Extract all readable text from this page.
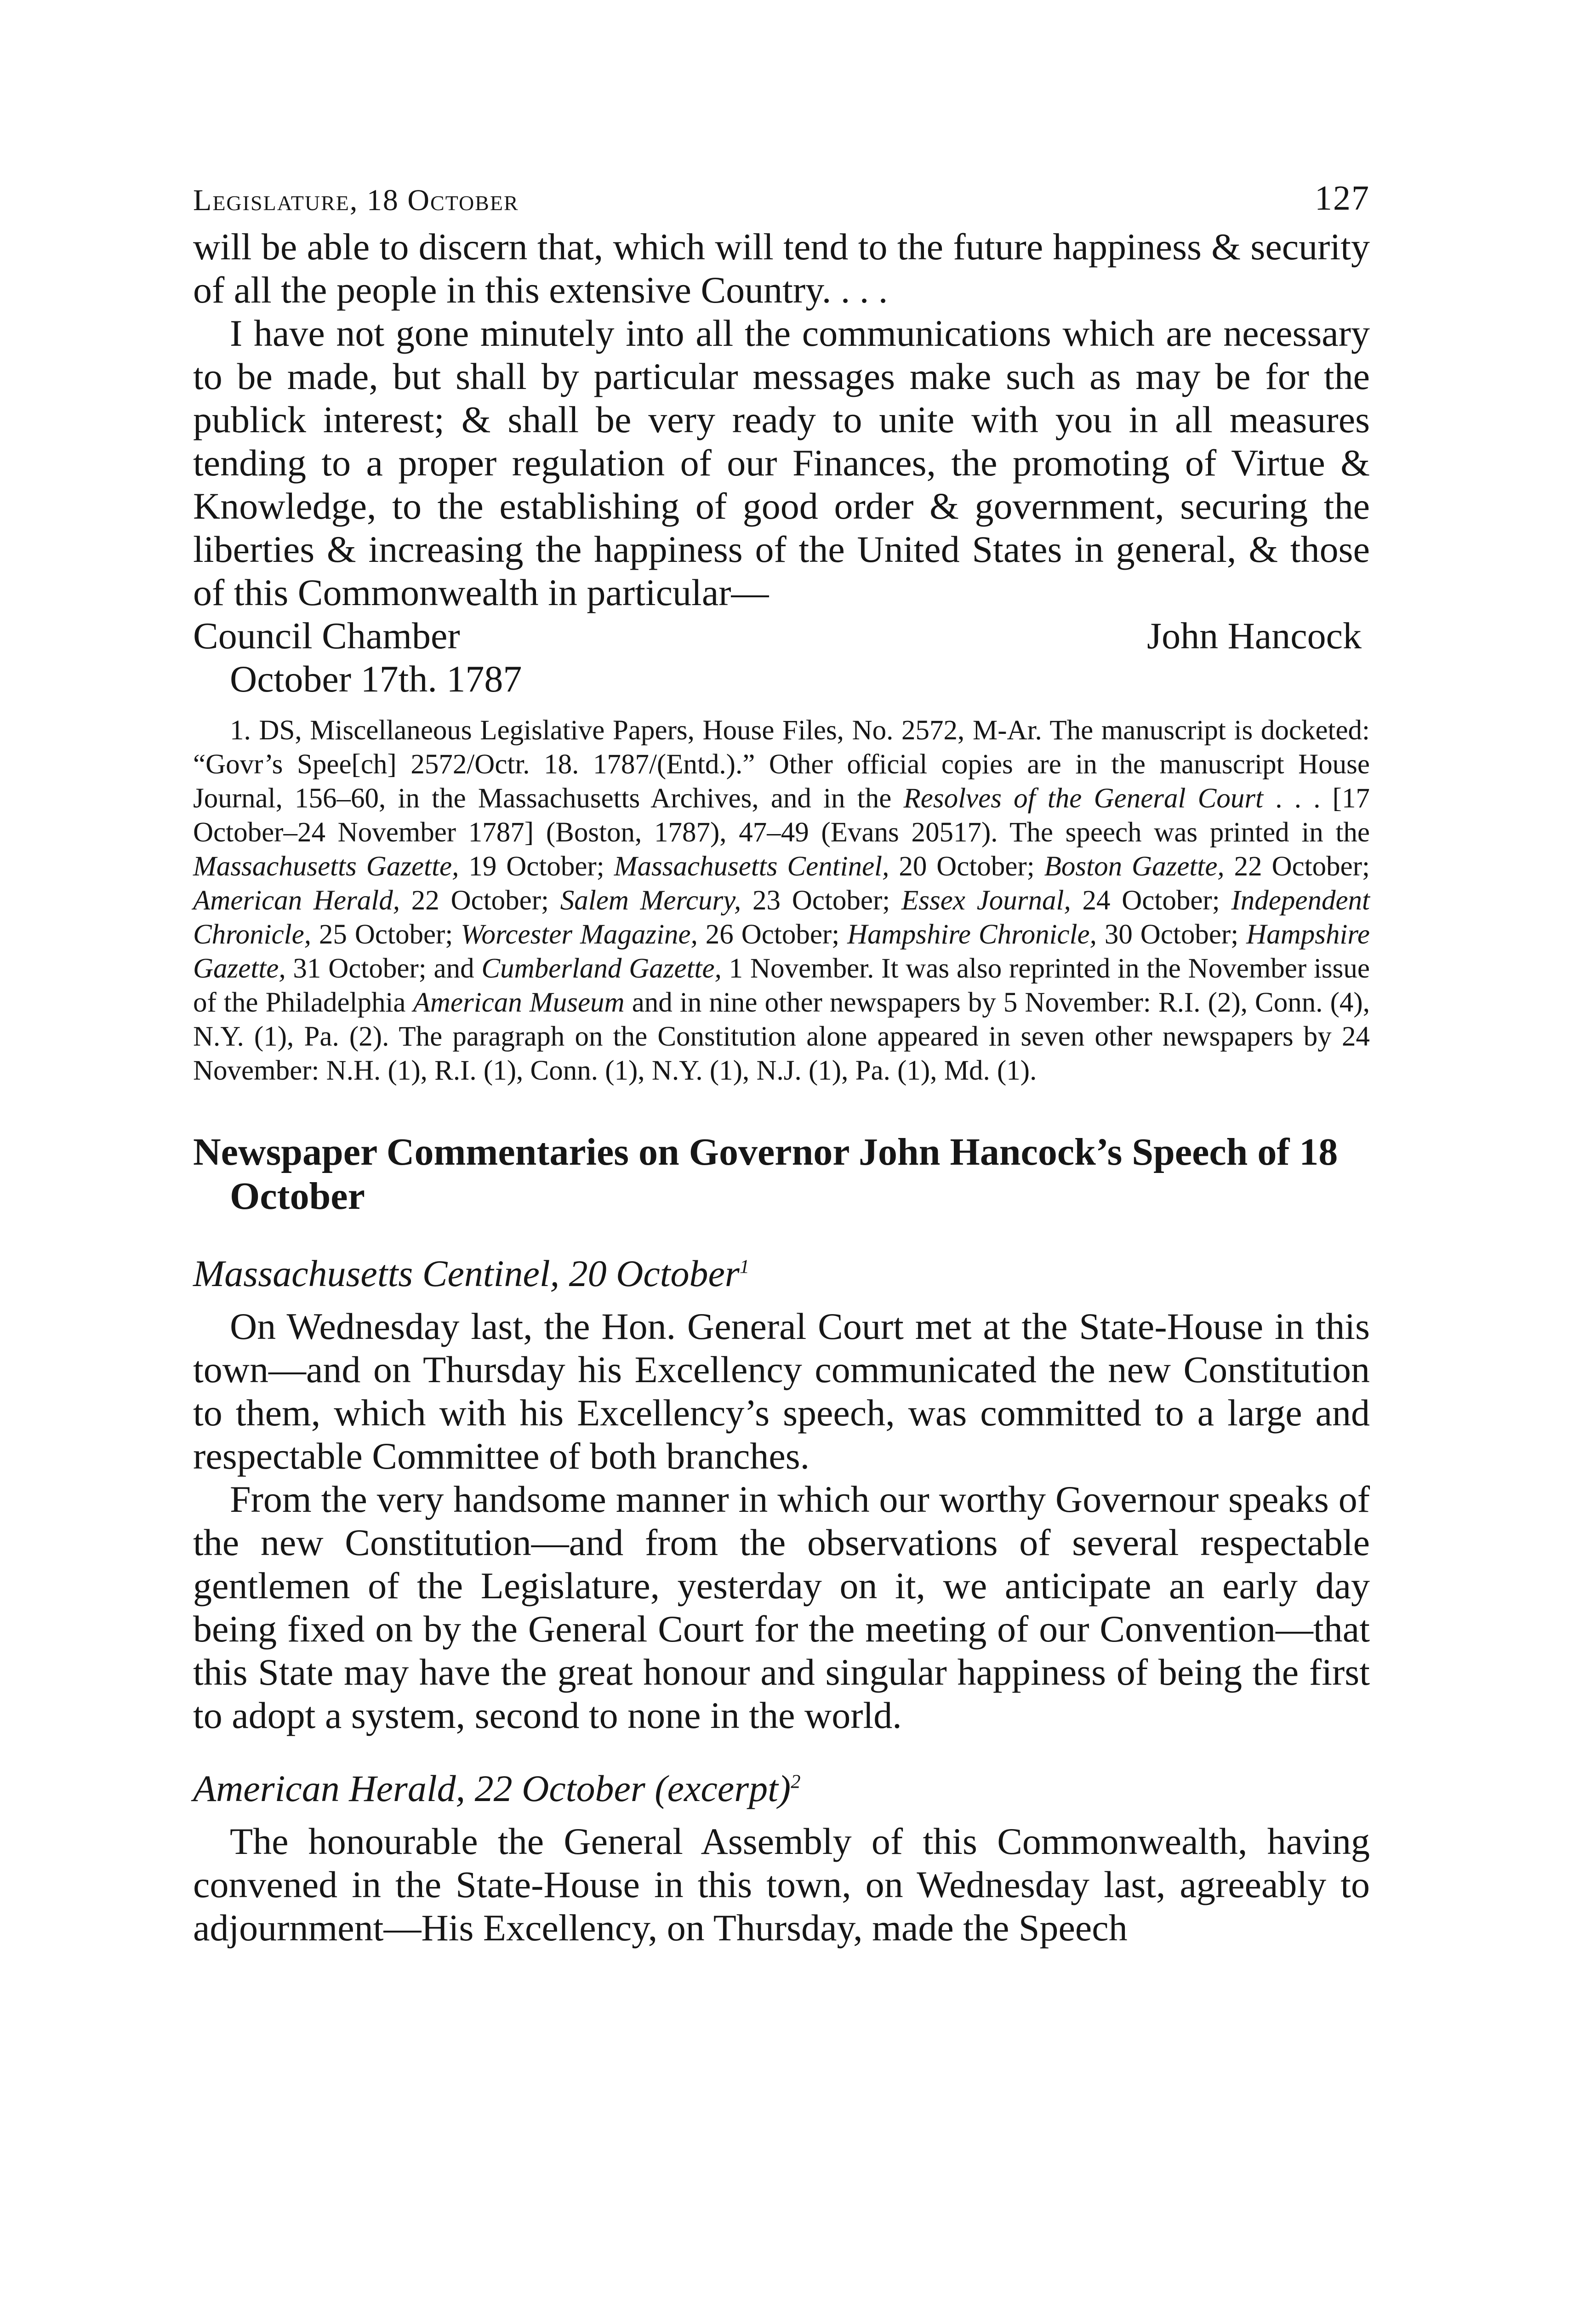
Legislature, 18 October	127

will be able to discern that, which will tend to the future happiness & security of all the people in this extensive Country. . . .

I have not gone minutely into all the communications which are necessary to be made, but shall by particular messages make such as may be for the publick interest; & shall be very ready to unite with you in all measures tending to a proper regulation of our Finances, the promoting of Virtue & Knowledge, to the establishing of good order & government, securing the liberties & increasing the happiness of the United States in general, & those of this Commonwealth in particular—

Council Chamber	John Hancock

October 17th. 1787

1. DS, Miscellaneous Legislative Papers, House Files, No. 2572, M-Ar. The manuscript is docketed: “Govr’s Spee[ch] 2572/Octr. 18. 1787/(Entd.).” Other official copies are in the manuscript House Journal, 156–60, in the Massachusetts Archives, and in the Resolves of the General Court . . . [17 October–24 November 1787] (Boston, 1787), 47–49 (Evans 20517). The speech was printed in the Massachusetts Gazette, 19 October; Massachusetts Centinel, 20 October; Boston Gazette, 22 October; American Herald, 22 October; Salem Mercury, 23 October; Essex Journal, 24 October; Independent Chronicle, 25 October; Worcester Magazine, 26 October; Hampshire Chronicle, 30 October; Hampshire Gazette, 31 October; and Cumberland Gazette, 1 November. It was also reprinted in the November issue of the Philadelphia American Museum and in nine other newspapers by 5 November: R.I. (2), Conn. (4), N.Y. (1), Pa. (2). The paragraph on the Constitution alone appeared in seven other newspapers by 24 November: N.H. (1), R.I. (1), Conn. (1), N.Y. (1), N.J. (1), Pa. (1), Md. (1).

Newspaper Commentaries on Governor John Hancock’s Speech of 18 October
Massachusetts Centinel, 20 October$^1$

On Wednesday last, the Hon. General Court met at the State-House in this town—and on Thursday his Excellency communicated the new Constitution to them, which with his Excellency’s speech, was committed to a large and respectable Committee of both branches.

From the very handsome manner in which our worthy Governour speaks of the new Constitution—and from the observations of several respectable gentlemen of the Legislature, yesterday on it, we anticipate an early day being fixed on by the General Court for the meeting of our Convention—that this State may have the great honour and singular happiness of being the first to adopt a system, second to none in the world.

American Herald, 22 October (excerpt)$^2$

The honourable the General Assembly of this Commonwealth, having convened in the State-House in this town, on Wednesday last, agreeably to adjournment—His Excellency, on Thursday, made the Speech
